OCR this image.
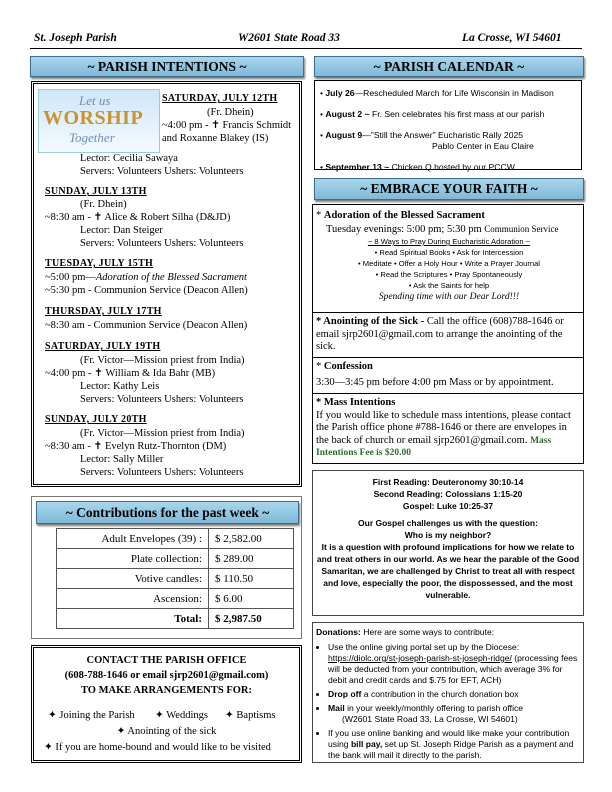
St. Joseph Parish	W2601 State Road 33	La Crosse, WI 54601
~ PARISH INTENTIONS ~
Let us
WORSHIP
Together
SATURDAY, JULY 12TH
(Fr. Dhein)
~4:00 pm - ✝ Francis Schmidt
and Roxanne Blakey (IS)
Lector: Cecilia Sawaya
Servers: Volunteers Ushers: Volunteers
SUNDAY, JULY 13TH
(Fr. Dhein)
~8:30 am - ✝ Alice & Robert Silha (D&JD)
Lector: Dan Steiger
Servers: Volunteers Ushers: Volunteers
TUESDAY, JULY 15TH
~5:00 pm—Adoration of the Blessed Sacrament
~5:30 pm - Communion Service (Deacon Allen)
THURSDAY, JULY 17TH
~8:30 am - Communion Service (Deacon Allen)
SATURDAY, JULY 19TH
(Fr. Victor—Mission priest from India)
~4:00 pm - ✝ William & Ida Bahr (MB)
Lector: Kathy Leis
Servers: Volunteers Ushers: Volunteers
SUNDAY, JULY 20TH
(Fr. Victor—Mission priest from India)
~8:30 am - ✝ Evelyn Rutz-Thornton (DM)
Lector: Sally Miller
Servers: Volunteers Ushers: Volunteers
~ Contributions for the past week ~
Adult Envelopes (39) :	$ 2,582.00
Plate collection:	$ 289.00
Votive candles:	$ 110.50
Ascension:	$ 6.00
Total:	$ 2,987.50
CONTACT THE PARISH OFFICE
(608-788-1646 or email sjrp2601@gmail.com)
TO MAKE ARRANGEMENTS FOR:
✦ Joining the Parish ✦ Weddings ✦ Baptisms
✦ Anointing of the sick
✦ If you are home-bound and would like to be visited
~ PARISH CALENDAR ~
• July 26—Rescheduled March for Life Wisconsin in Madison
• August 2 ~ Fr. Sen celebrates his first mass at our parish
• August 9—"Still the Answer" Eucharistic Rally 2025
Pablo Center in Eau Claire
• September 13 ~ Chicken Q hosted by our PCCW
~ EMBRACE YOUR FAITH ~
* Adoration of the Blessed Sacrament
Tuesday evenings: 5:00 pm; 5:30 pm Communion Service
~ 8 Ways to Pray During Eucharistic Adoration ~
• Read Spiritual Books • Ask for Intercession
• Meditate • Offer a Holy Hour • Write a Prayer Journal
• Read the Scriptures • Pray Spontaneously
• Ask the Saints for help
Spending time with our Dear Lord!!!
* Anointing of the Sick - Call the office (608)788-1646 or email sjrp2601@gmail.com to arrange the anointing of the sick.
* Confession
3:30—3:45 pm before 4:00 pm Mass or by appointment.
* Mass Intentions
If you would like to schedule mass intentions, please contact the Parish office phone #788-1646 or there are envelopes in the back of church or email sjrp2601@gmail.com. Mass Intentions Fee is $20.00
First Reading: Deuteronomy 30:10-14
Second Reading: Colossians 1:15-20
Gospel: Luke 10:25-37
Our Gospel challenges us with the question:
Who is my neighbor?
It is a question with profound implications for how we relate to and treat others in our world. As we hear the parable of the Good Samaritan, we are challenged by Christ to treat all with respect and love, especially the poor, the dispossessed, and the most vulnerable.
Donations: Here are some ways to contribute:
• Use the online giving portal set up by the Diocese: https://diolc.org/st-joseph-parish-st-joseph-ridge/ (processing fees will be deducted from your contribution, which average 3% for debit and credit cards and $.75 for EFT, ACH)
• Drop off a contribution in the church donation box
• Mail in your weekly/monthly offering to parish office
(W2601 State Road 33, La Crosse, WI 54601)
• If you use online banking and would like make your contribution using bill pay, set up St. Joseph Ridge Parish as a payment and the bank will mail it directly to the parish.
